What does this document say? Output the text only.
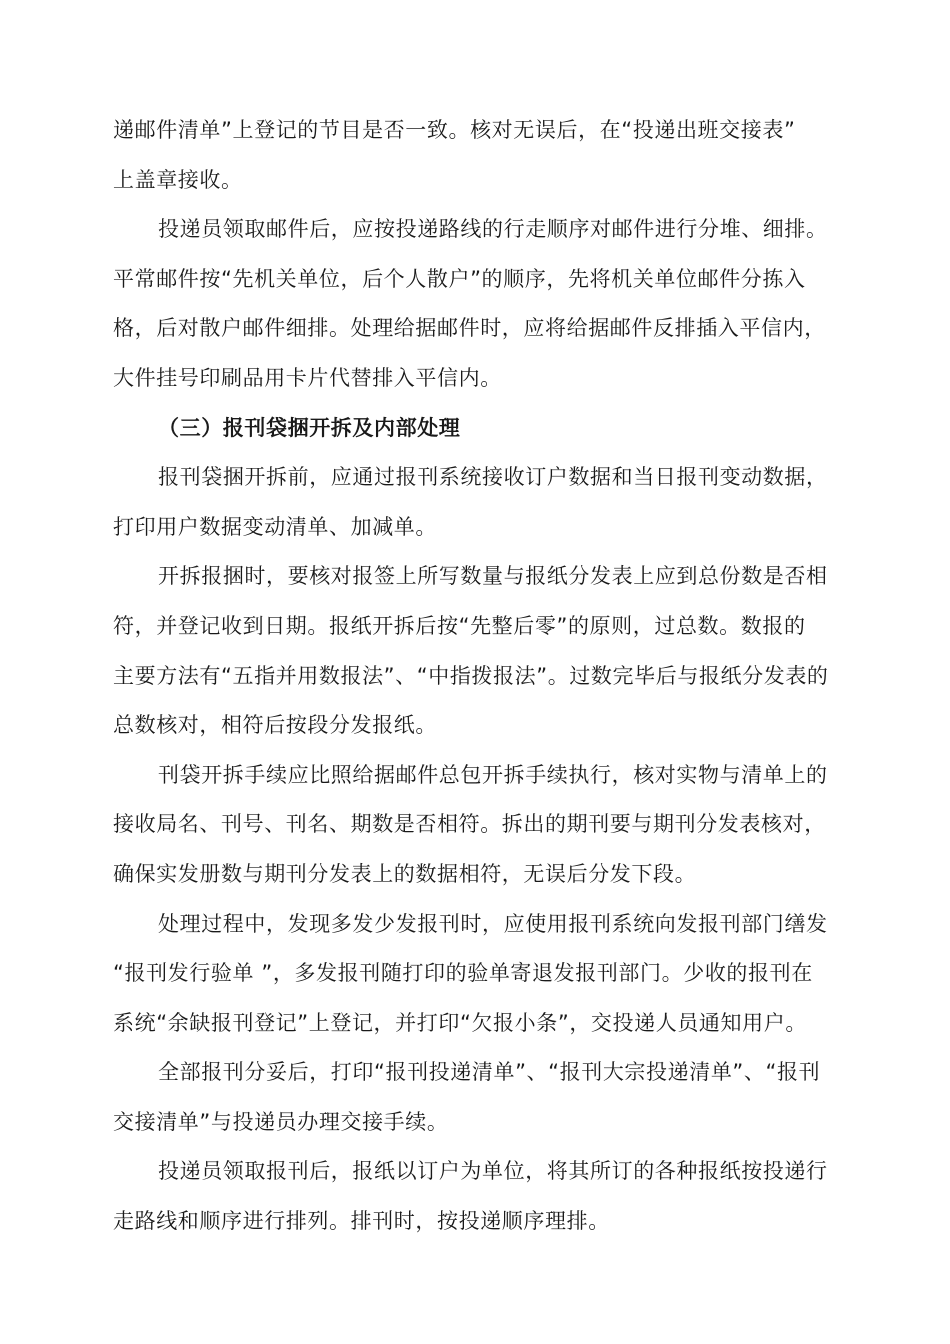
递邮件清单”上登记的节目是否一致。核对无误后，在“投递出班交接表”
上盖章接收。
投递员领取邮件后，应按投递路线的行走顺序对邮件进行分堆、细排。
平常邮件按“先机关单位，后个人散户”的顺序，先将机关单位邮件分拣入
格，后对散户邮件细排。处理给据邮件时，应将给据邮件反排插入平信内，
大件挂号印刷品用卡片代替排入平信内。
（三）报刊袋捆开拆及内部处理
报刊袋捆开拆前，应通过报刊系统接收订户数据和当日报刊变动数据，
打印用户数据变动清单、加减单。
开拆报捆时，要核对报签上所写数量与报纸分发表上应到总份数是否相
符，并登记收到日期。报纸开拆后按“先整后零”的原则，过总数。数报的
主要方法有“五指并用数报法”、“中指拨报法”。过数完毕后与报纸分发表的
总数核对，相符后按段分发报纸。
刊袋开拆手续应比照给据邮件总包开拆手续执行，核对实物与清单上的
接收局名、刊号、刊名、期数是否相符。拆出的期刊要与期刊分发表核对，
确保实发册数与期刊分发表上的数据相符，无误后分发下段。
处理过程中，发现多发少发报刊时，应使用报刊系统向发报刊部门缮发
“报刊发行验单 ”，多发报刊随打印的验单寄退发报刊部门。少收的报刊在
系统“余缺报刊登记”上登记，并打印“欠报小条”，交投递人员通知用户。
全部报刊分妥后，打印“报刊投递清单”、“报刊大宗投递清单”、“报刊
交接清单”与投递员办理交接手续。
投递员领取报刊后，报纸以订户为单位，将其所订的各种报纸按投递行
走路线和顺序进行排列。排刊时，按投递顺序理排。
